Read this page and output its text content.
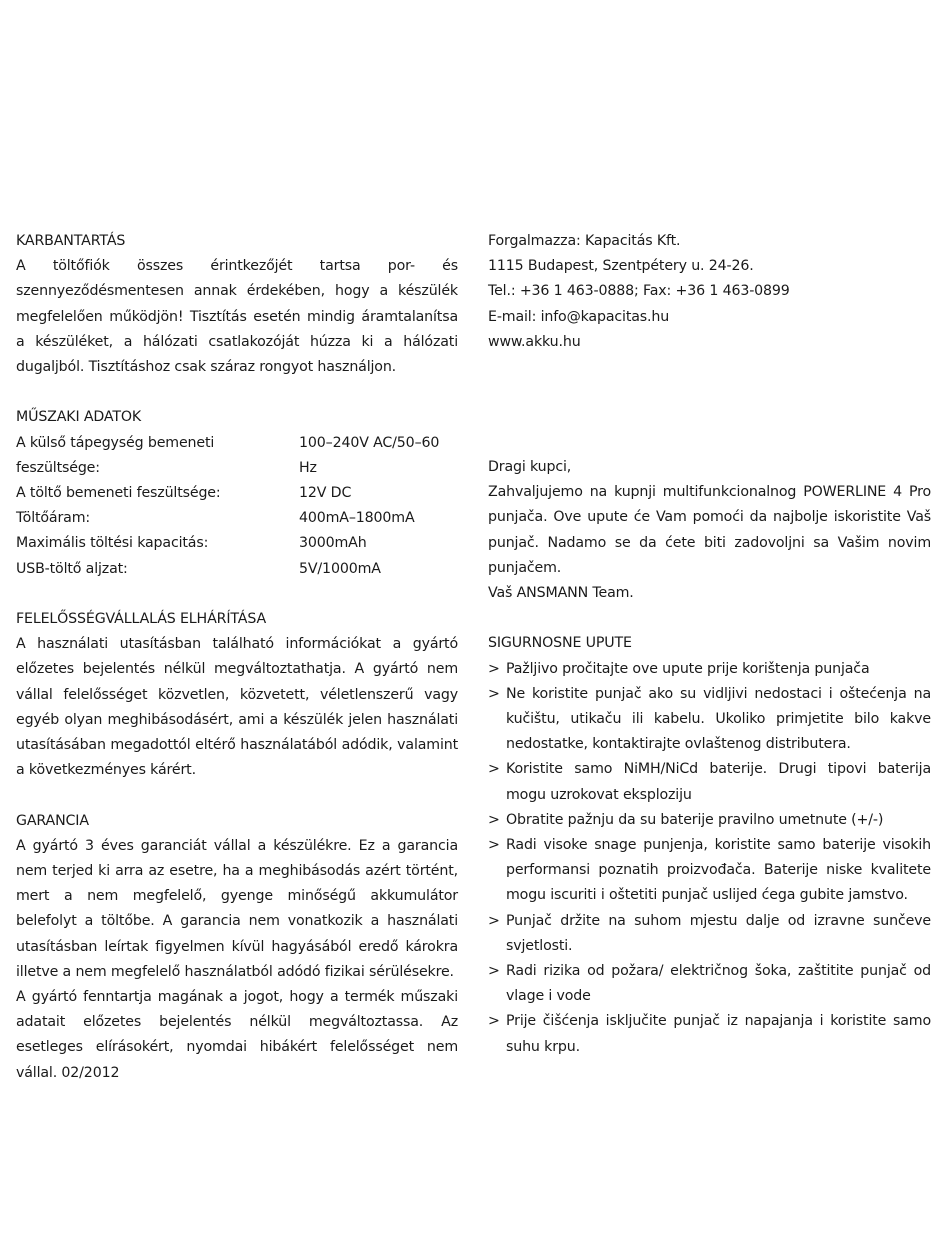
KARBANTARTÁS

A töltőfiók összes érintkezőjét tartsa por- és szennyeződésmentesen annak érdekében, hogy a készülék megfelelően működjön! Tisztítás esetén mindig áramtalanítsa a készüléket, a hálózati csatlakozóját húzza ki a hálózati dugaljból. Tisztításhoz csak száraz rongyot használjon.

MŰSZAKI ADATOK
A külső tápegység bemeneti feszültsége:
100–240V AC/50–60 Hz
A töltő bemeneti feszültsége:	12V DC
Töltőáram:	400mA–1800mA
Maximális töltési kapacitás:	3000mAh
USB-töltő aljzat:	5V/1000mA
FELELŐSSÉGVÁLLALÁS ELHÁRÍTÁSA

A használati utasításban található információkat a gyártó előzetes bejelentés nélkül megváltoztathatja. A gyártó nem vállal felelősséget közvetlen, közvetett, véletlenszerű vagy egyéb olyan meghibásodásért, ami a készülék jelen használati utasításában megadottól eltérő használatából adódik, valamint a következményes kárért.

GARANCIA

A gyártó 3 éves garanciát vállal a készülékre. Ez a garancia nem terjed ki arra az esetre, ha a meghibásodás azért történt, mert a nem megfelelő, gyenge minőségű akkumulátor belefolyt a töltőbe. A garancia nem vonatkozik a használati utasításban leírtak figyelmen kívül hagyásából eredő károkra illetve a nem megfelelő használatból adódó fizikai sérülésekre.

A gyártó fenntartja magának a jogot, hogy a termék műszaki adatait előzetes bejelentés nélkül megváltoztassa. Az esetleges elírásokért, nyomdai hibákért felelősséget nem vállal. 02/2012

Forgalmazza: Kapacitás Kft.

1115 Budapest, Szentpétery u. 24-26.

Tel.: +36 1 463-0888; Fax: +36 1 463-0899

E-mail: info@kapacitas.hu

www.akku.hu

Dragi kupci,

Zahvaljujemo na kupnji multifunkcionalnog POWERLINE 4 Pro punjača. Ove upute će Vam pomoći da najbolje iskoristite Vaš punjač. Nadamo se da ćete biti zadovoljni sa Vašim novim punjačem.

Vaš ANSMANN Team.

SIGURNOSNE UPUTE
> Pažljivo pročitajte ove upute prije korištenja punjača
> Ne koristite punjač ako su vidljivi nedostaci i oštećenja na kučištu, utikaču ili kabelu. Ukoliko primjetite bilo kakve nedostatke, kontaktirajte ovlaštenog distributera.
> Koristite samo NiMH/NiCd baterije. Drugi tipovi baterija mogu uzrokovat eksploziju
> Obratite pažnju da su baterije pravilno umetnute (+/-)
> Radi visoke snage punjenja, koristite samo baterije visokih performansi poznatih proizvođača. Baterije niske kvalitete mogu iscuriti i oštetiti punjač uslijed ćega gubite jamstvo.
> Punjač držite na suhom mjestu dalje od izravne sunčeve svjetlosti.
> Radi rizika od požara/ električnog šoka, zaštitite punjač od vlage i vode
> Prije čišćenja isključite punjač iz napajanja i koristite samo suhu krpu.
